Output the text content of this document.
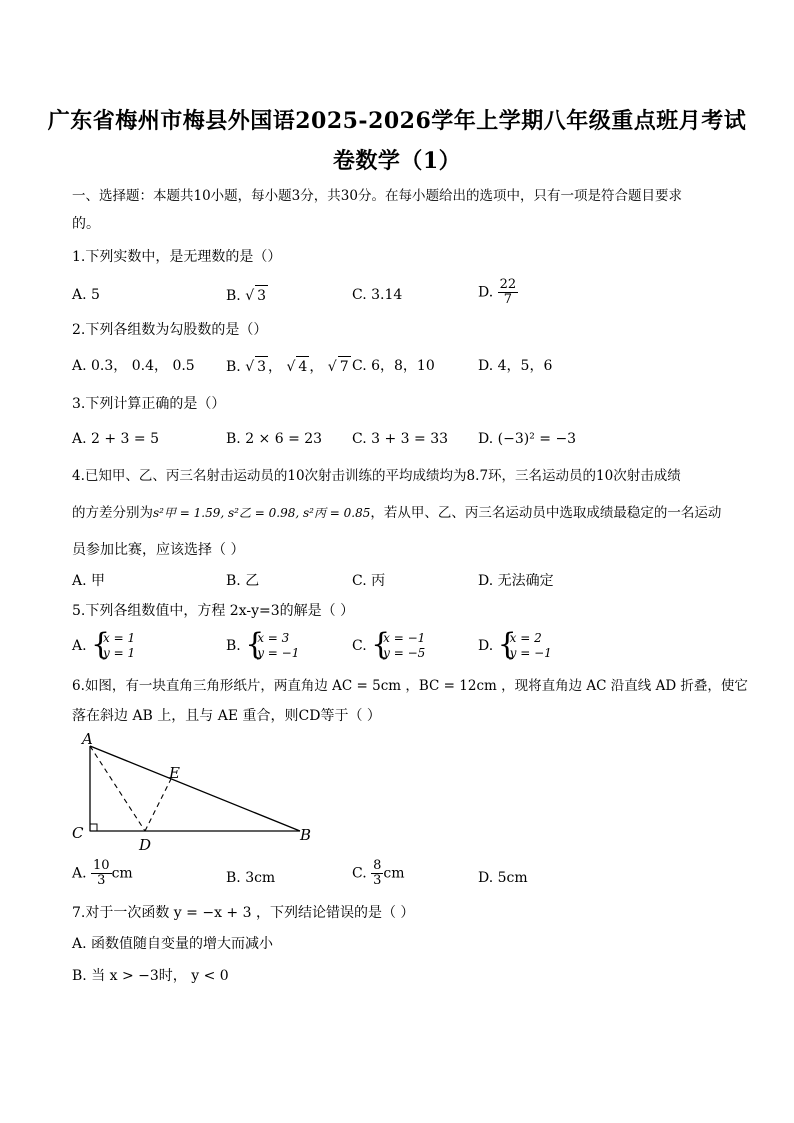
广东省梅州市梅县外国语2025-2026学年上学期八年级重点班月考试
卷数学（1）
一、选择题：本题共10小题，每小题3分，共30分。在每小题给出的选项中，只有一项是符合题目要求
的。
1.下列实数中，是无理数的是（）
A. 5	B. √ 3	C. 3.14	D. $\frac{22}{7}$
2.下列各组数为勾股数的是（）
A. 0.3， 0.4， 0.5 B. √ 3 ， √ 4 ， √ 7 C. 6，8，10	D. 4，5，6
3.下列计算正确的是（）
A. 2 + 3 = 5	B. 2 × 6 = 23 C. 3 + 3 = 33 D. (−3)² = −3
4.已知甲、乙、丙三名射击运动员的10次射击训练的平均成绩均为8.7环，三名运动员的10次射击成绩
的方差分别为s²甲 = 1.59, s²乙 = 0.98, s²丙 = 0.85，若从甲、乙、丙三名运动员中选取成绩最稳定的一名运动
员参加比赛，应该选择（ ）
A. 甲	B. 乙	C. 丙	D. 无法确定
5.下列各组数值中，方程 2x-y=3的解是（ ）
A. { x = 1
y = 1	B. { x = 3
y = −1	C. { x = −1
y = −5	D. { x = 2
y = −1
6.如图，有一块直角三角形纸片，两直角边 AC = 5cm ，BC = 12cm ，现将直角边 AC 沿直线 AD 折叠，使它
落在斜边 AB 上，且与 AE 重合，则CD等于（ ）
A
E
C
D
B
A. $\frac{10}{3}$ cm	B. 3cm	C. $\frac{8}{3}$ cm	D. 5cm
7.对于一次函数 y = −x + 3 ，下列结论错误的是（ ）
A. 函数值随自变量的增大而减小
B. 当 x > −3时， y < 0
